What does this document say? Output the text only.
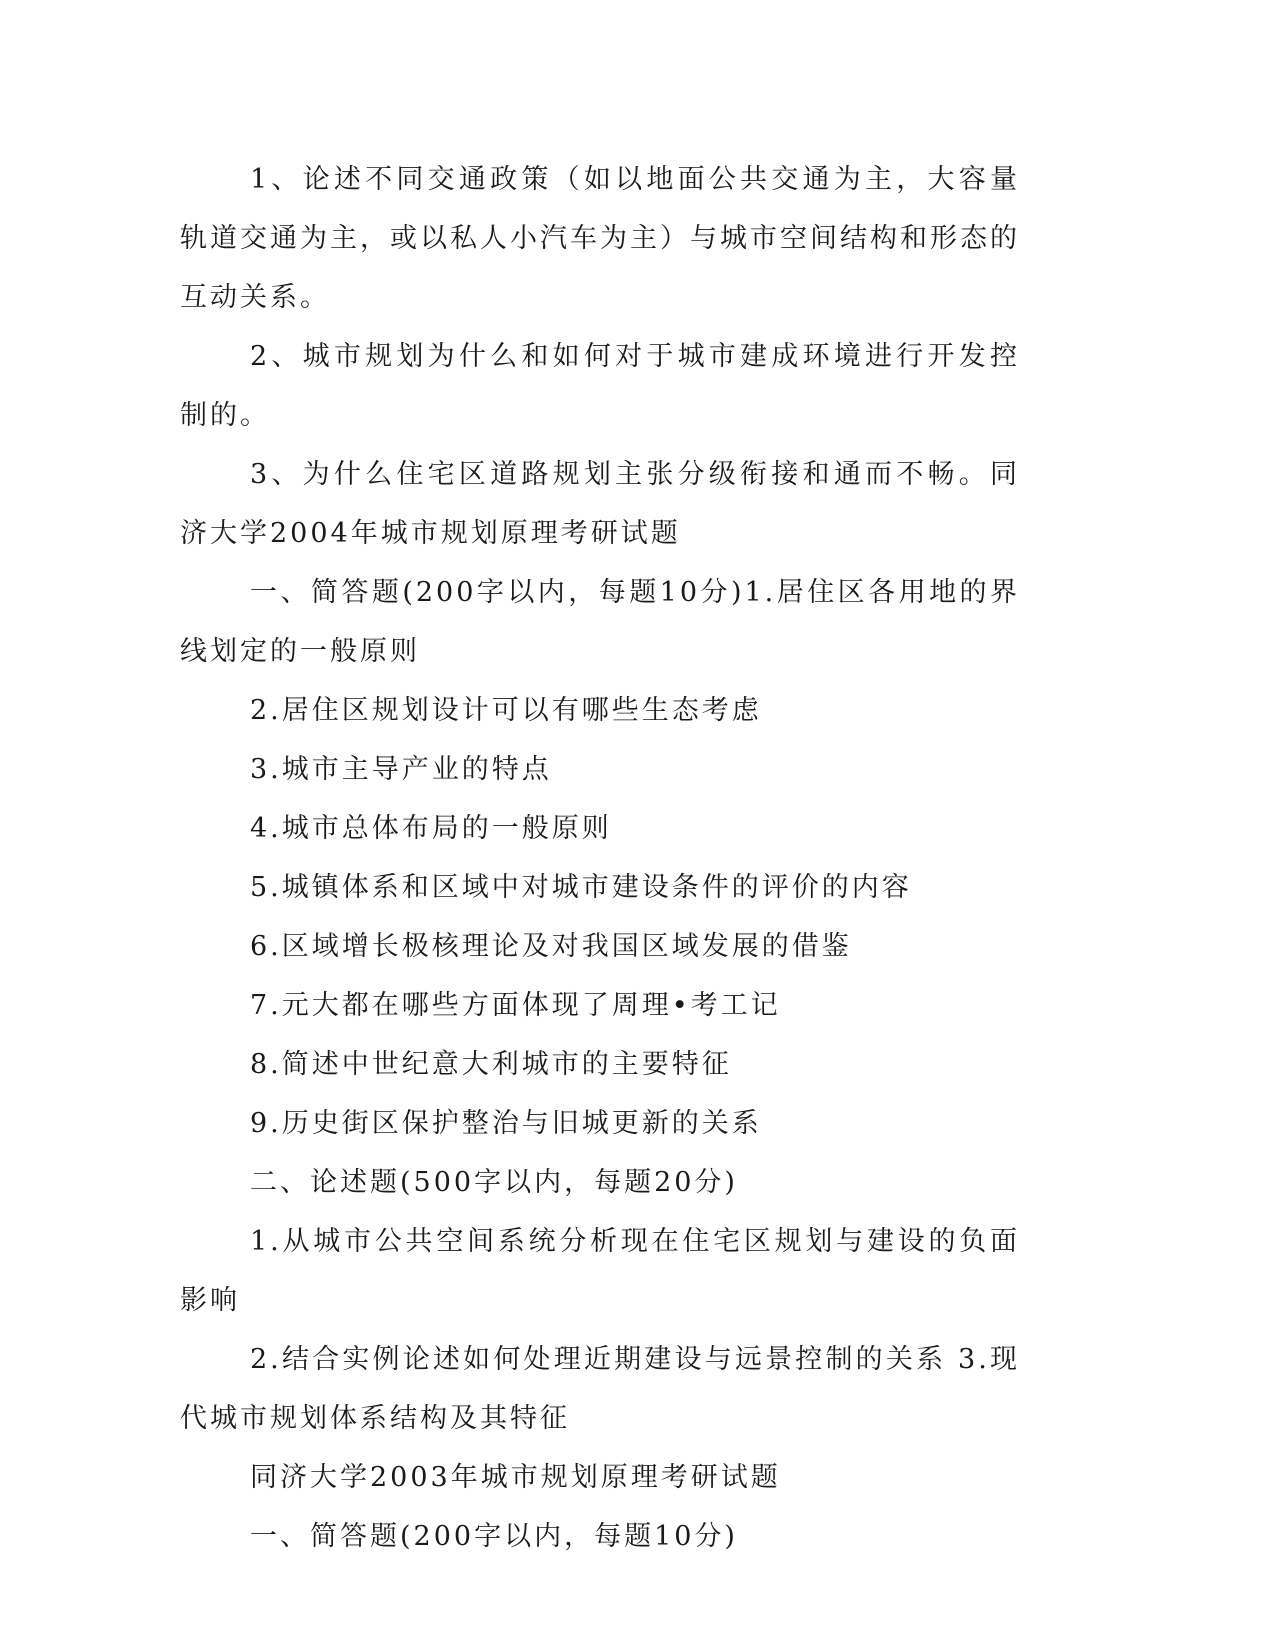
1、论述不同交通政策（如以地面公共交通为主，大容量轨道交通为主，或以私人小汽车为主）与城市空间结构和形态的互动关系。

2、城市规划为什么和如何对于城市建成环境进行开发控制的。

3、为什么住宅区道路规划主张分级衔接和通而不畅。同济大学2004年城市规划原理考研试题

一、简答题(200字以内，每题10分)1.居住区各用地的界线划定的一般原则

2.居住区规划设计可以有哪些生态考虑

3.城市主导产业的特点

4.城市总体布局的一般原则

5.城镇体系和区域中对城市建设条件的评价的内容

6.区域增长极核理论及对我国区域发展的借鉴

7.元大都在哪些方面体现了周理•考工记

8.简述中世纪意大利城市的主要特征

9.历史街区保护整治与旧城更新的关系

二、论述题(500字以内，每题20分)

1.从城市公共空间系统分析现在住宅区规划与建设的负面影响

2.结合实例论述如何处理近期建设与远景控制的关系 3.现代城市规划体系结构及其特征

同济大学2003年城市规划原理考研试题

一、简答题(200字以内，每题10分)
